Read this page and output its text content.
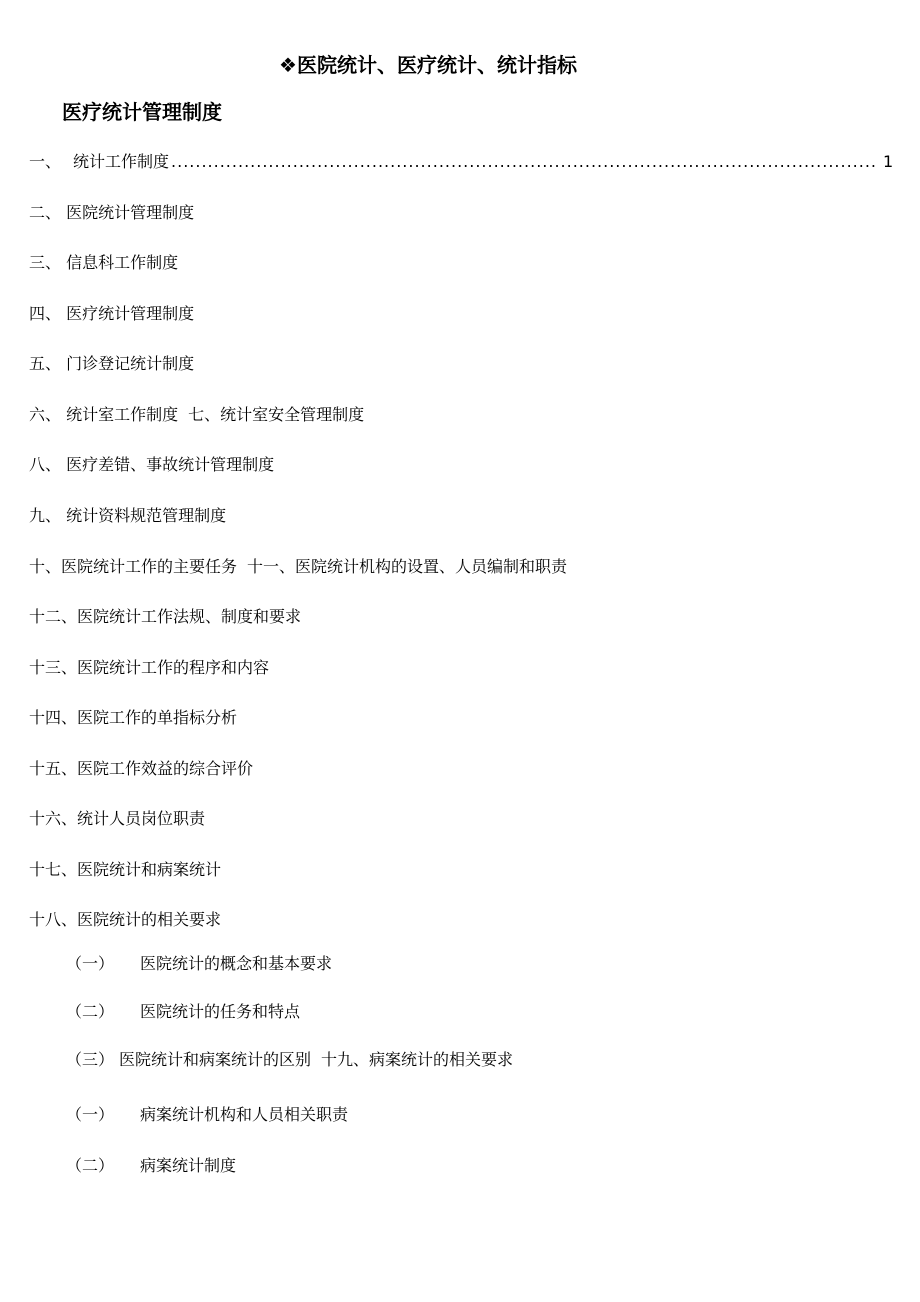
❖医院统计、医疗统计、统计指标
医疗统计管理制度
一、 统计工作制度 .................................................................................................................... 1
二、 医院统计管理制度
三、 信息科工作制度
四、 医疗统计管理制度
五、 门诊登记统计制度
六、 统计室工作制度 七、统计室安全管理制度
八、 医疗差错、事故统计管理制度
九、 统计资料规范管理制度
十、医院统计工作的主要任务 十一、医院统计机构的设置、人员编制和职责
十二、医院统计工作法规、制度和要求
十三、医院统计工作的程序和内容
十四、医院工作的单指标分析
十五、医院工作效益的综合评价
十六、统计人员岗位职责
十七、医院统计和病案统计
十八、医院统计的相关要求
（一） 医院统计的概念和基本要求
（二） 医院统计的任务和特点
（三） 医院统计和病案统计的区别 十九、病案统计的相关要求
（一） 病案统计机构和人员相关职责
（二） 病案统计制度
